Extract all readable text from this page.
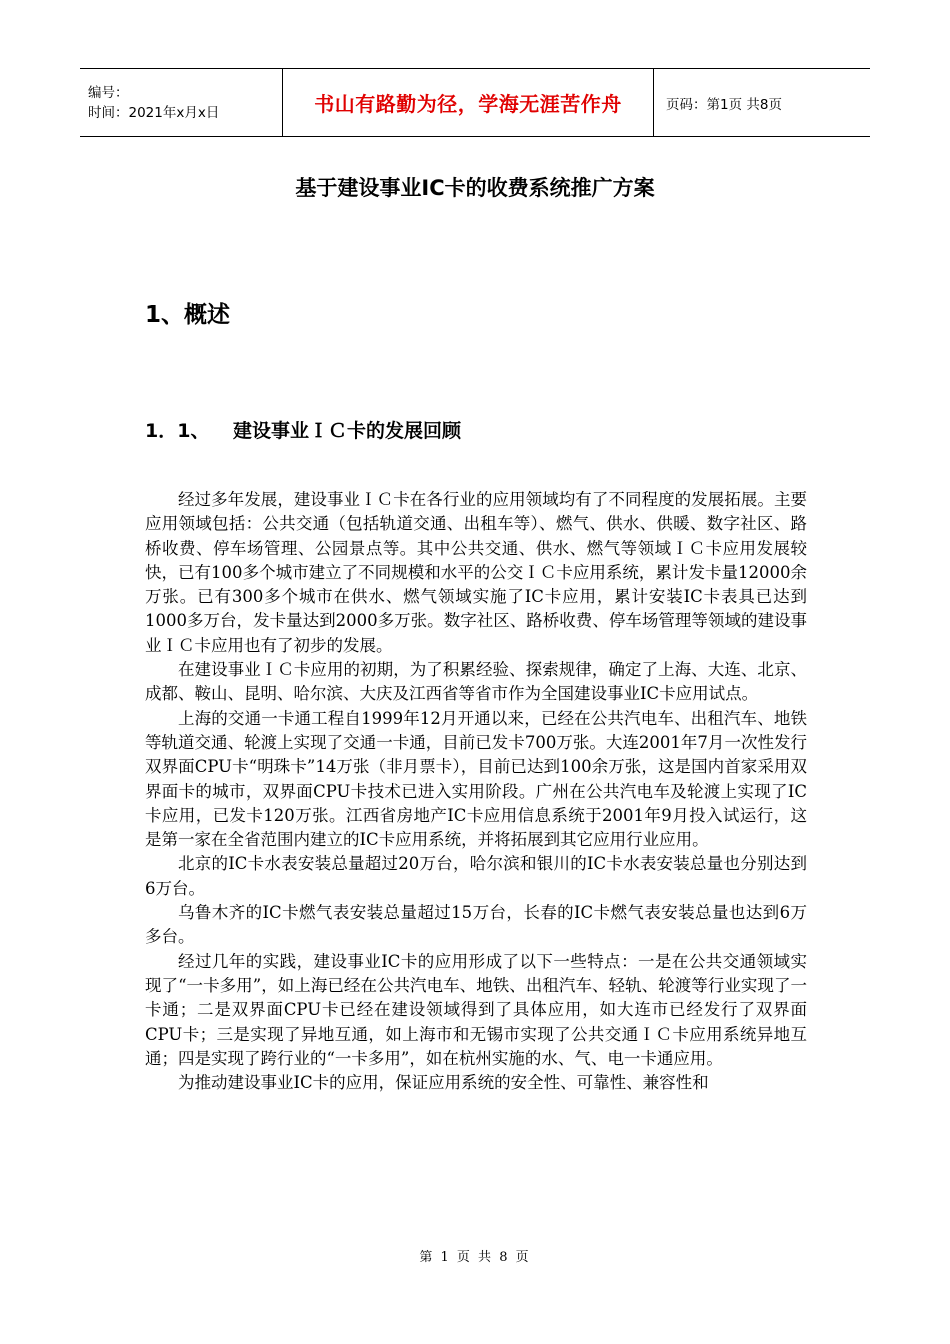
编号：
时间：2021年x月x日	书山有路勤为径，学海无涯苦作舟	页码：第1页 共8页
基于建设事业IC卡的收费系统推广方案
1、概述
1．1、 建设事业ＩＣ卡的发展回顾

经过多年发展，建设事业ＩＣ卡在各行业的应用领域均有了不同程度的发展拓展。主要应用领域包括：公共交通（包括轨道交通、出租车等）、燃气、供水、供暖、数字社区、路桥收费、停车场管理、公园景点等。其中公共交通、供水、燃气等领域ＩＣ卡应用发展较快，已有100多个城市建立了不同规模和水平的公交ＩＣ卡应用系统，累计发卡量12000余万张。已有300多个城市在供水、燃气领域实施了IC卡应用，累计安装IC卡表具已达到1000多万台，发卡量达到2000多万张。数字社区、路桥收费、停车场管理等领域的建设事业ＩＣ卡应用也有了初步的发展。

在建设事业ＩＣ卡应用的初期，为了积累经验、探索规律，确定了上海、大连、北京、成都、鞍山、昆明、哈尔滨、大庆及江西省等省市作为全国建设事业IC卡应用试点。

上海的交通一卡通工程自1999年12月开通以来，已经在公共汽电车、出租汽车、地铁等轨道交通、轮渡上实现了交通一卡通，目前已发卡700万张。大连2001年7月一次性发行双界面CPU卡“明珠卡”14万张（非月票卡），目前已达到100余万张，这是国内首家采用双界面卡的城市，双界面CPU卡技术已进入实用阶段。广州在公共汽电车及轮渡上实现了IC卡应用，已发卡120万张。江西省房地产IC卡应用信息系统于2001年9月投入试运行，这是第一家在全省范围内建立的IC卡应用系统，并将拓展到其它应用行业应用。

北京的IC卡水表安装总量超过20万台，哈尔滨和银川的IC卡水表安装总量也分别达到6万台。

乌鲁木齐的IC卡燃气表安装总量超过15万台，长春的IC卡燃气表安装总量也达到6万多台。

经过几年的实践，建设事业IC卡的应用形成了以下一些特点：一是在公共交通领域实现了“一卡多用”，如上海已经在公共汽电车、地铁、出租汽车、轻轨、轮渡等行业实现了一卡通；二是双界面CPU卡已经在建设领域得到了具体应用，如大连市已经发行了双界面CPU卡；三是实现了异地互通，如上海市和无锡市实现了公共交通ＩＣ卡应用系统异地互通；四是实现了跨行业的“一卡多用”，如在杭州实施的水、气、电一卡通应用。

为推动建设事业IC卡的应用，保证应用系统的安全性、可靠性、兼容性和

第 1 页 共 8 页
